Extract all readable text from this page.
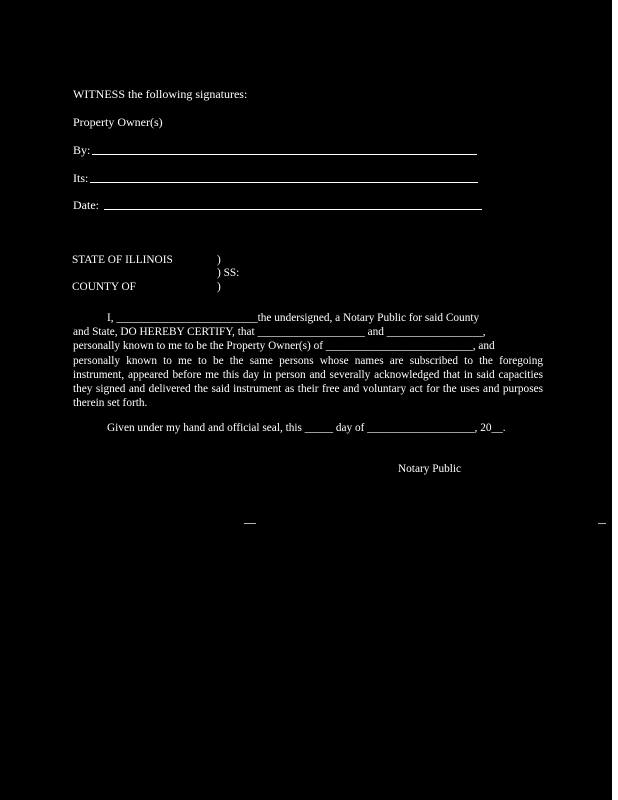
WITNESS the following signatures:
Property Owner(s)
By:
Its:
Date:
STATE OF ILLINOIS	)
) SS:
COUNTY OF	)
I, _________________________the undersigned, a Notary Public for said County
and State, DO HEREBY CERTIFY, that ___________________ and _________________,
personally known to me to be the Property Owner(s) of __________________________, and
personally known to me to be the same persons whose names are subscribed to the foregoing instrument, appeared before me this day in person and severally acknowledged that in said capacities they signed and delivered the said instrument as their free and voluntary act for the uses and purposes therein set forth.
Given under my hand and official seal, this _____ day of ___________________, 20__.
Notary Public
